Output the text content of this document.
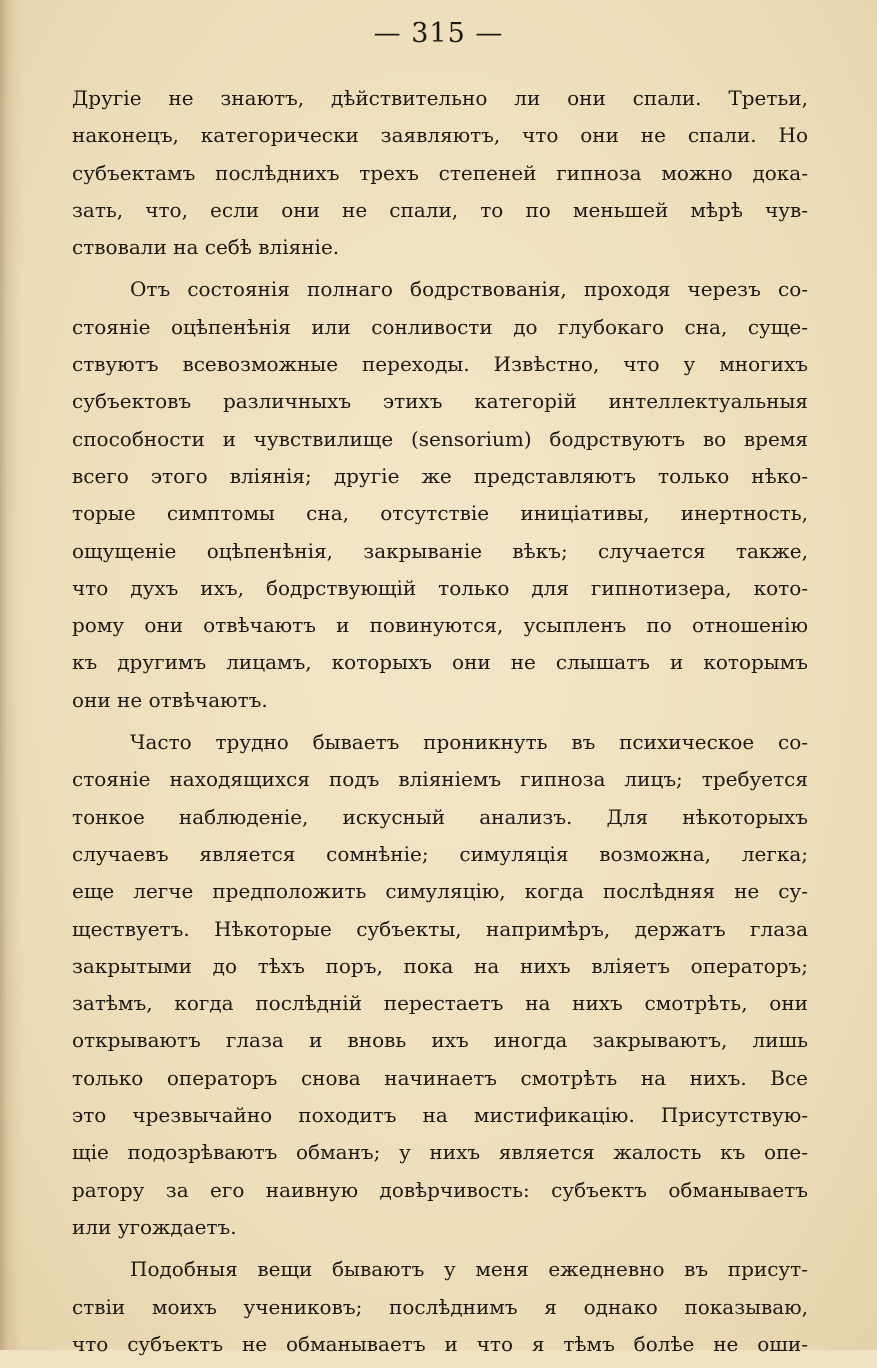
— 315 —
Другіе не знаютъ, дѣйствительно ли они спали. Третьи,
наконецъ, категорически заявляютъ, что они не спали. Но
субъектамъ послѣднихъ трехъ степеней гипноза можно дока-
зать, что, если они не спали, то по меньшей мѣрѣ чув-
ствовали на себѣ вліяніе.
Отъ состоянія полнаго бодрствованія, проходя черезъ со-
стояніе оцѣпенѣнія или сонливости до глубокаго сна, суще-
ствуютъ всевозможные переходы. Извѣстно, что у многихъ
субъектовъ различныхъ этихъ категорій интеллектуальныя
способности и чувствилище (sensorium) бодрствуютъ во время
всего этого вліянія; другіе же представляютъ только нѣко-
торые симптомы сна, отсутствіе иниціативы, инертность,
ощущеніе оцѣпенѣнія, закрываніе вѣкъ; случается также,
что духъ ихъ, бодрствующій только для гипнотизера, кото-
рому они отвѣчаютъ и повинуются, усыпленъ по отношенію
къ другимъ лицамъ, которыхъ они не слышатъ и которымъ
они не отвѣчаютъ.
Часто трудно бываетъ проникнуть въ психическое со-
стояніе находящихся подъ вліяніемъ гипноза лицъ; требуется
тонкое наблюденіе, искусный анализъ. Для нѣкоторыхъ
случаевъ является сомнѣніе; симуляція возможна, легка;
еще легче предположить симуляцію, когда послѣдняя не су-
ществуетъ. Нѣкоторые субъекты, напримѣръ, держатъ глаза
закрытыми до тѣхъ поръ, пока на нихъ вліяетъ операторъ;
затѣмъ, когда послѣдній перестаетъ на нихъ смотрѣть, они
открываютъ глаза и вновь ихъ иногда закрываютъ, лишь
только операторъ снова начинаетъ смотрѣть на нихъ. Все
это чрезвычайно походитъ на мистификацію. Присутствую-
щіе подозрѣваютъ обманъ; у нихъ является жалость къ опе-
ратору за его наивную довѣрчивость: субъектъ обманываетъ
или угождаетъ.
Подобныя вещи бываютъ у меня ежедневно въ присут-
ствіи моихъ учениковъ; послѣднимъ я однако показываю,
что субъектъ не обманываетъ и что я тѣмъ болѣе не оши-
